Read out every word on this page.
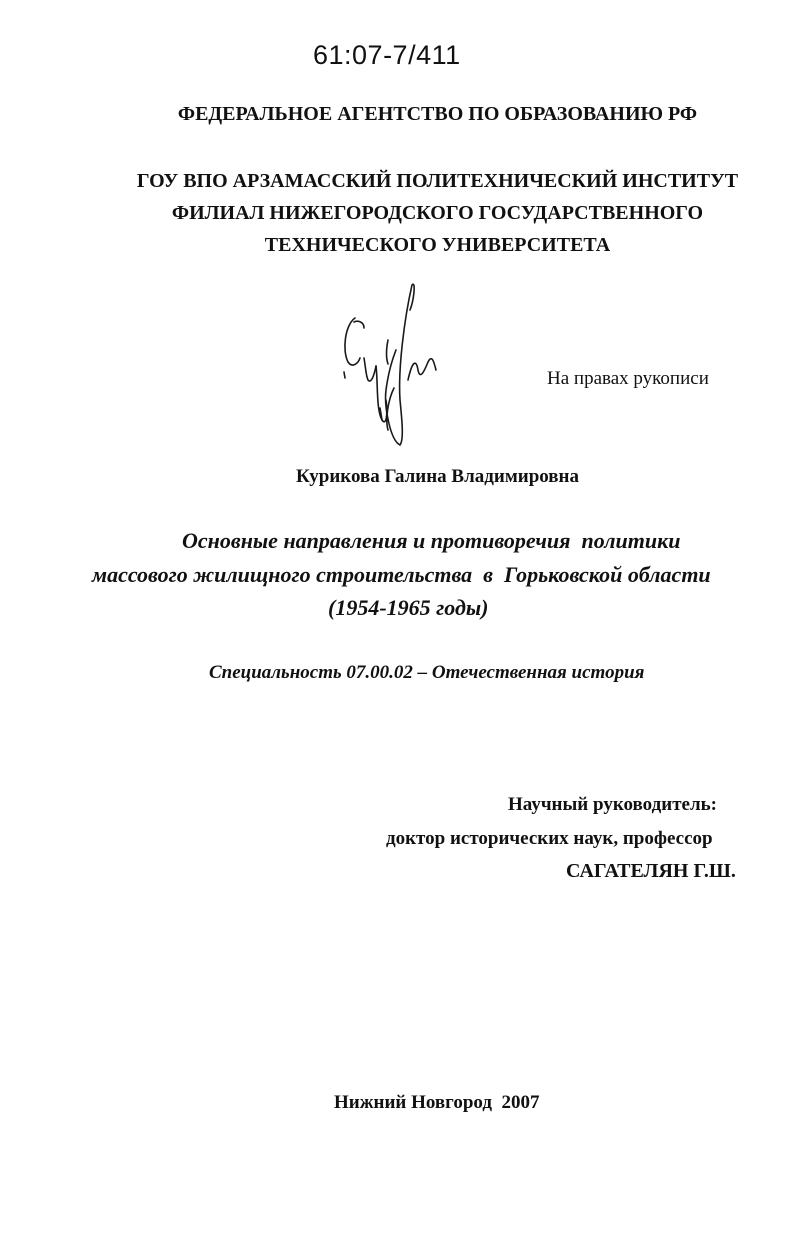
61:07-7/411
ФЕДЕРАЛЬНОЕ АГЕНТСТВО ПО ОБРАЗОВАНИЮ РФ
ГОУ ВПО АРЗАМАССКИЙ ПОЛИТЕХНИЧЕСКИЙ ИНСТИТУТ
ФИЛИАЛ НИЖЕГОРОДСКОГО ГОСУДАРСТВЕННОГО
ТЕХНИЧЕСКОГО УНИВЕРСИТЕТА
На правах рукописи
Курикова Галина Владимировна
Основные направления и противоречия  политики
массового жилищного строительства  в  Горьковской области
(1954-1965 годы)
Специальность 07.00.02 – Отечественная история
Научный руководитель:
доктор исторических наук, профессор
САГАТЕЛЯН Г.Ш.
Нижний Новгород  2007
